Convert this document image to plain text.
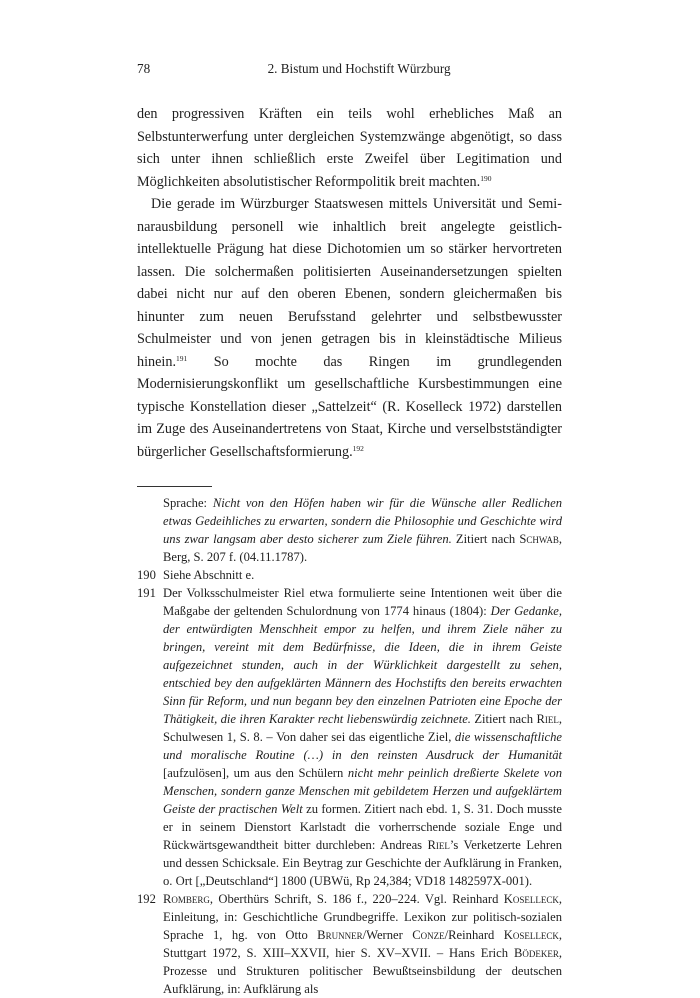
78	2. Bistum und Hochstift Würzburg

den progressiven Kräften ein teils wohl erhebliches Maß an Selbstunterwerfung unter dergleichen Systemzwänge abgenötigt, so dass sich unter ihnen schließlich erste Zweifel über Legitimation und Möglichkeiten absolutistischer Reformpolitik breit machten.$^{190}$

Die gerade im Würzburger Staatswesen mittels Universität und Seminarausbildung personell wie inhaltlich breit angelegte geistlich-intellektuelle Prägung hat diese Dichotomien um so stärker hervortreten lassen. Die solchermaßen politisierten Auseinandersetzungen spielten dabei nicht nur auf den oberen Ebenen, sondern gleichermaßen bis hinunter zum neuen Berufsstand gelehrter und selbstbewusster Schulmeister und von jenen getragen bis in kleinstädtische Milieus hinein.$^{191}$ So mochte das Ringen im grundlegenden Modernisierungskonflikt um gesellschaftliche Kursbestimmungen eine typische Konstellation dieser „Sattelzeit“ (R. Koselleck 1972) darstellen im Zuge des Auseinandertretens von Staat, Kirche und verselbstständigter bürgerlicher Gesellschaftsformierung.$^{192}$

Sprache: Nicht von den Höfen haben wir für die Wünsche aller Redlichen etwas Gedeihliches zu erwarten, sondern die Philosophie und Geschichte wird uns zwar langsam aber desto sicherer zum Ziele führen. Zitiert nach Schwab, Berg, S. 207 f. (04.11.1787).
190 Siehe Abschnitt e.
191 Der Volksschulmeister Riel etwa formulierte seine Intentionen weit über die Maßgabe der geltenden Schulordnung von 1774 hinaus (1804): Der Gedanke, der entwürdigten Menschheit empor zu helfen, und ihrem Ziele näher zu bringen, vereint mit dem Bedürfnisse, die Ideen, die in ihrem Geiste aufgezeichnet stunden, auch in der Würklichkeit dargestellt zu sehen, entschied bey den aufgeklärten Männern des Hochstifts den bereits erwachten Sinn für Reform, und nun begann bey den einzelnen Patrioten eine Epoche der Thätigkeit, die ihren Karakter recht liebenswürdig zeichnete. Zitiert nach Riel, Schulwesen 1, S. 8. – Von daher sei das eigentliche Ziel, die wissenschaftliche und moralische Routine (…) in den reinsten Ausdruck der Humanität [aufzulösen], um aus den Schülern nicht mehr peinlich dreßierte Skelete von Menschen, sondern ganze Menschen mit gebildetem Herzen und aufgeklärtem Geiste der practischen Welt zu formen. Zitiert nach ebd. 1, S. 31. Doch musste er in seinem Dienstort Karlstadt die vorherrschende soziale Enge und Rückwärtsgewandtheit bitter durchleben: Andreas Riel’s Verketzerte Lehren und dessen Schicksale. Ein Beytrag zur Geschichte der Aufklärung in Franken, o. Ort [„Deutschland“] 1800 (UBWü, Rp 24,384; VD18 1482597X-001).
192 Romberg, Oberthürs Schrift, S. 186 f., 220–224. Vgl. Reinhard Koselleck, Einleitung, in: Geschichtliche Grundbegriffe. Lexikon zur politisch-sozialen Sprache 1, hg. von Otto Brunner/Werner Conze/Reinhard Koselleck, Stuttgart 1972, S. XIII–XXVII, hier S. XV–XVII. – Hans Erich Bödeker, Prozesse und Strukturen politischer Bewußtseinsbildung der deutschen Aufklärung, in: Aufklärung als
